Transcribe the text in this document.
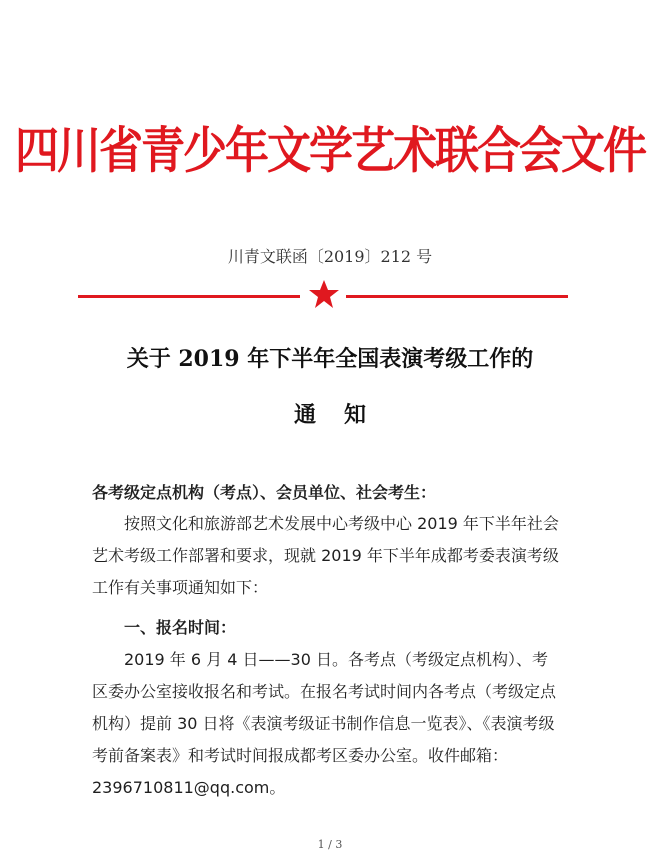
四川省青少年文学艺术联合会文件
川青文联函〔2019〕212 号
关于 2019 年下半年全国表演考级工作的
通知
各考级定点机构（考点）、会员单位、社会考生：
按照文化和旅游部艺术发展中心考级中心 2019 年下半年社会艺术考级工作部署和要求，现就 2019 年下半年成都考委表演考级工作有关事项通知如下：
一、报名时间：
2019 年 6 月 4 日——30 日。各考点（考级定点机构）、考区委办公室接收报名和考试。在报名考试时间内各考点（考级定点机构）提前 30 日将《表演考级证书制作信息一览表》、《表演考级考前备案表》和考试时间报成都考区委办公室。收件邮箱：2396710811@qq.com。
1 / 3
